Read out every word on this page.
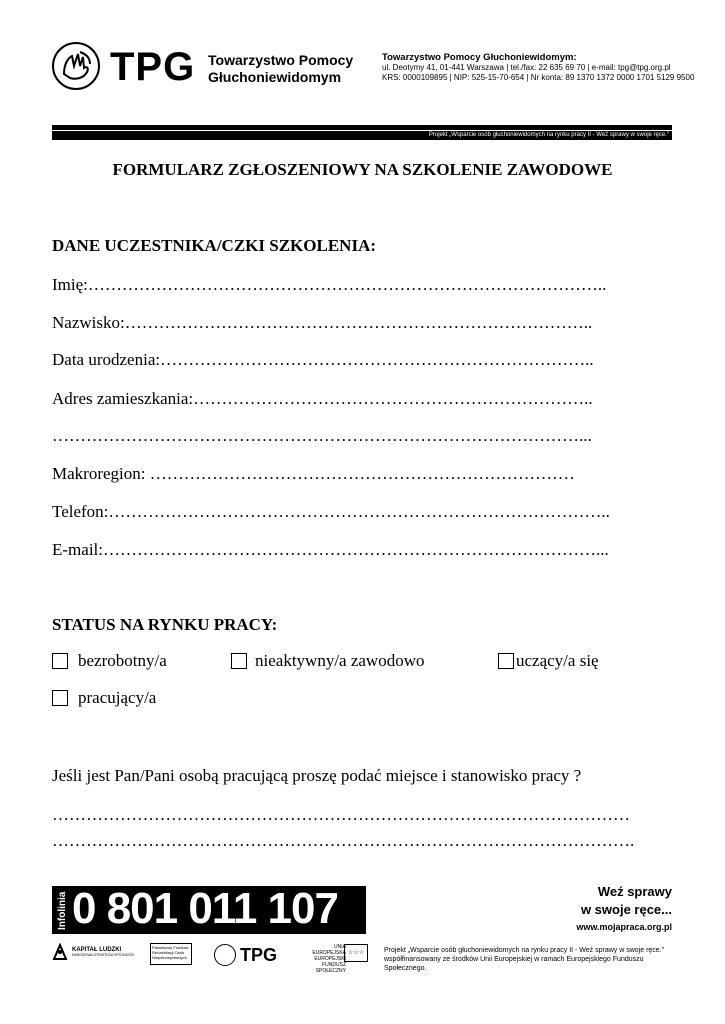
TPG Towarzystwo Pomocy
Głuchoniewidomym
Towarzystwo Pomocy Głuchoniewidomym:
ul. Deotymy 41, 01-441 Warszawa | tel./fax: 22 635 69 70 | e-mail: tpg@tpg.org.pl
KRS: 0000109895 | NIP: 525-15-70-654 | Nr konta: 89 1370 1372 0000 1701 5129 9500
Projekt „Wsparcie osób głuchoniewidomych na rynku pracy II - Weź sprawy w swoje ręce."
FORMULARZ ZGŁOSZENIOWY NA SZKOLENIE ZAWODOWE
DANE UCZESTNIKA/CZKI SZKOLENIA:
Imię:………………………………………………………………………………..
Nazwisko:………………………………………………………………………..
Data urodzenia:…………………………………………………………………..
Adres zamieszkania:……………………………………………………………..
…………………………………………………………………………………...
Makroregion: …………………………………………………………………
Telefon:……………………………………………………………………………..
E-mail:……………………………………………………………………………...
STATUS NA RYNKU PRACY:
bezrobotny/a	nieaktywny/a zawodowo	uczący/a się
pracujący/a
Jeśli jest Pan/Pani osobą pracującą proszę podać miejsce i stanowisko pracy ?
…………………………………………………………………………………………
………………………………………………………………………………………….
Infolinia 0 801 011 107	Weź sprawy
w swoje ręce...
www.mojapraca.org.pl
KAPITAŁ LUDZKI
NARODOWA STRATEGIA SPÓJNOŚCI
Państwowy Fundusz Rehabilitacji Osób Niepełnosprawnych	TPG	UNIA EUROPEJSKA EUROPEJSKI FUNDUSZ SPOŁECZNY
☆☆☆	Projekt „Wsparcie osób głuchoniewidomych na rynku pracy II - Weź sprawy w swoje ręce."
współfinansowany ze środków Unii Europejskiej w ramach Europejskiego Funduszu Społecznego.
